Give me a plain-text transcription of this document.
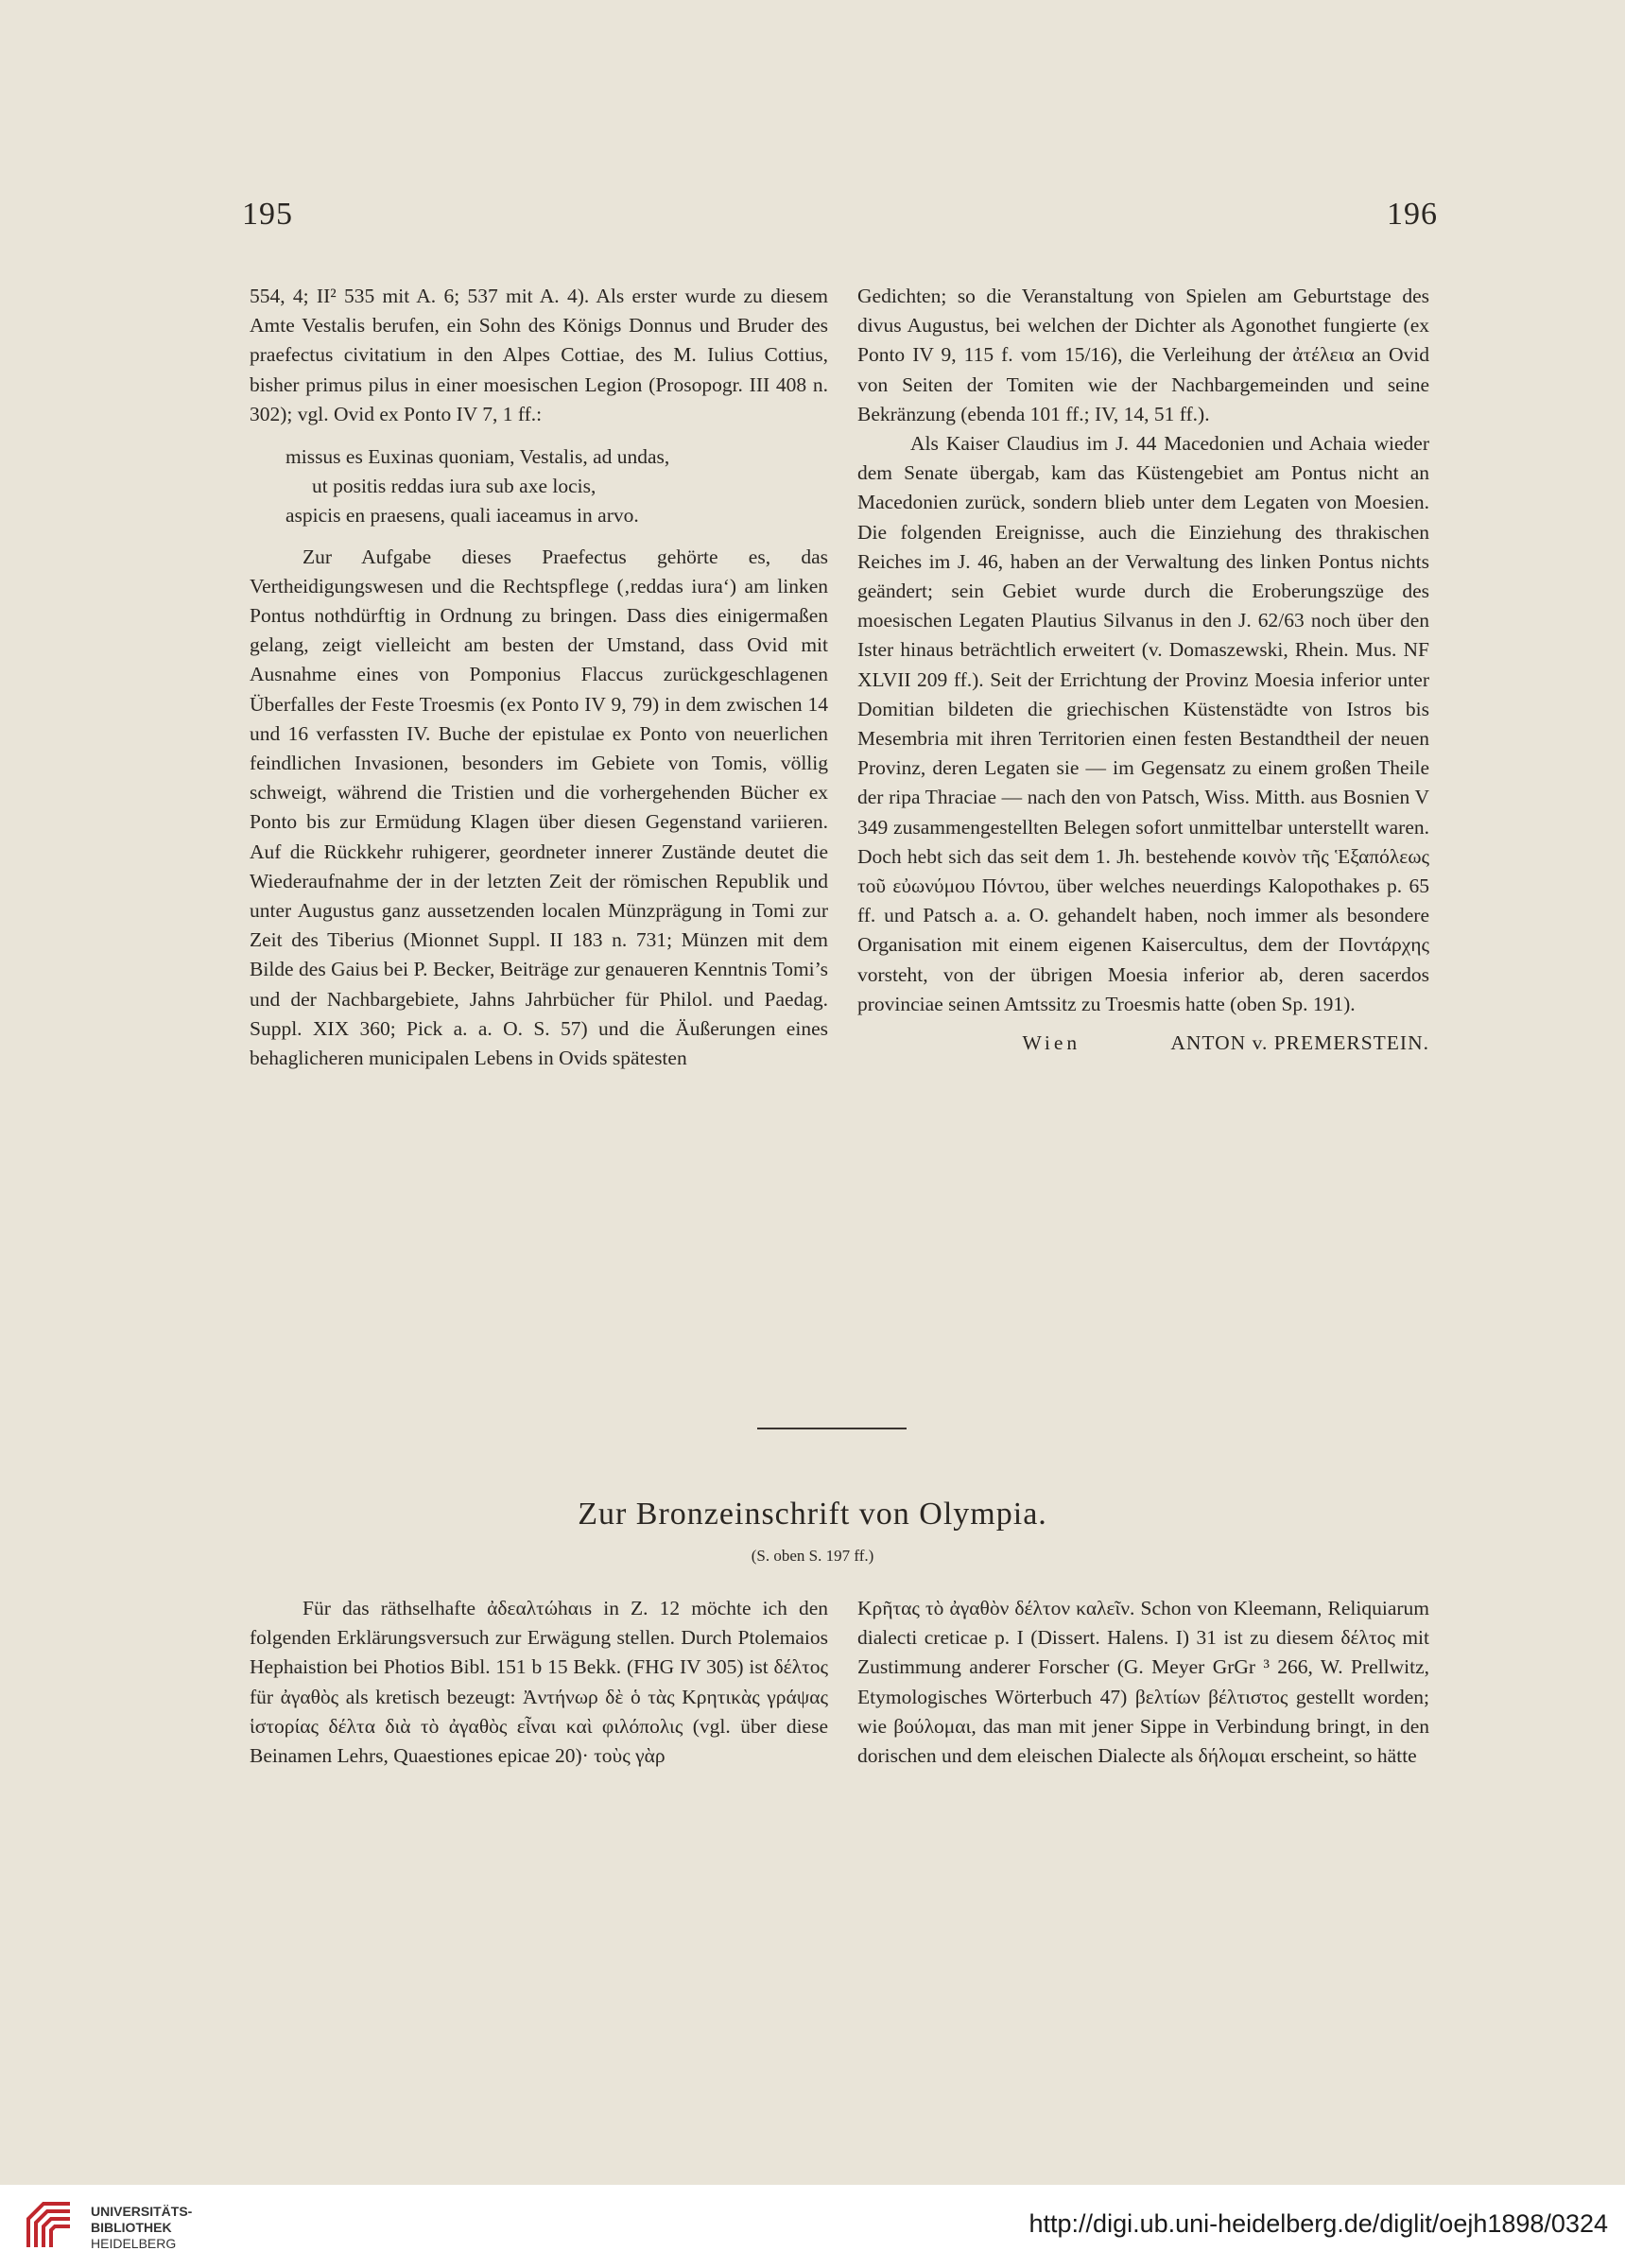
195	196

554, 4; II² 535 mit A. 6; 537 mit A. 4). Als erster wurde zu diesem Amte Vestalis berufen, ein Sohn des Königs Donnus und Bruder des praefectus civitatium in den Alpes Cottiae, des M. Iulius Cottius, bisher primus pilus in einer moesischen Legion (Prosopogr. III 408 n. 302); vgl. Ovid ex Ponto IV 7, 1 ff.:

missus es Euxinas quoniam, Vestalis, ad undas,
ut positis reddas iura sub axe locis,
aspicis en praesens, quali iaceamus in arvo.

Zur Aufgabe dieses Praefectus gehörte es, das Vertheidigungswesen und die Rechtspflege (‚reddas iura‘) am linken Pontus nothdürftig in Ordnung zu bringen. Dass dies einigermaßen gelang, zeigt vielleicht am besten der Umstand, dass Ovid mit Ausnahme eines von Pomponius Flaccus zurückgeschlagenen Überfalles der Feste Troesmis (ex Ponto IV 9, 79) in dem zwischen 14 und 16 verfassten IV. Buche der epistulae ex Ponto von neuerlichen feindlichen Invasionen, besonders im Gebiete von Tomis, völlig schweigt, während die Tristien und die vorhergehenden Bücher ex Ponto bis zur Ermüdung Klagen über diesen Gegenstand variieren. Auf die Rückkehr ruhigerer, geordneter innerer Zustände deutet die Wiederaufnahme der in der letzten Zeit der römischen Republik und unter Augustus ganz aussetzenden localen Münzprägung in Tomi zur Zeit des Tiberius (Mionnet Suppl. II 183 n. 731; Münzen mit dem Bilde des Gaius bei P. Becker, Beiträge zur genaueren Kenntnis Tomi’s und der Nachbargebiete, Jahns Jahrbücher für Philol. und Paedag. Suppl. XIX 360; Pick a. a. O. S. 57) und die Äußerungen eines behaglicheren municipalen Lebens in Ovids spätesten

Gedichten; so die Veranstaltung von Spielen am Geburtstage des divus Augustus, bei welchen der Dichter als Agonothet fungierte (ex Ponto IV 9, 115 f. vom 15/16), die Verleihung der ἀτέλεια an Ovid von Seiten der Tomiten wie der Nachbargemeinden und seine Bekränzung (ebenda 101 ff.; IV, 14, 51 ff.).

Als Kaiser Claudius im J. 44 Macedonien und Achaia wieder dem Senate übergab, kam das Küstengebiet am Pontus nicht an Macedonien zurück, sondern blieb unter dem Legaten von Moesien. Die folgenden Ereignisse, auch die Einziehung des thrakischen Reiches im J. 46, haben an der Verwaltung des linken Pontus nichts geändert; sein Gebiet wurde durch die Eroberungszüge des moesischen Legaten Plautius Silvanus in den J. 62/63 noch über den Ister hinaus beträchtlich erweitert (v. Domaszewski, Rhein. Mus. NF XLVII 209 ff.). Seit der Errichtung der Provinz Moesia inferior unter Domitian bildeten die griechischen Küstenstädte von Istros bis Mesembria mit ihren Territorien einen festen Bestandtheil der neuen Provinz, deren Legaten sie — im Gegensatz zu einem großen Theile der ripa Thraciae — nach den von Patsch, Wiss. Mitth. aus Bosnien V 349 zusammengestellten Belegen sofort unmittelbar unterstellt waren. Doch hebt sich das seit dem 1. Jh. bestehende κοινὸν τῆς Ἑξαπόλεως τοῦ εὐωνύμου Πόντου, über welches neuerdings Kalopothakes p. 65 ff. und Patsch a. a. O. gehandelt haben, noch immer als besondere Organisation mit einem eigenen Kaisercultus, dem der Ποντάρχης vorsteht, von der übrigen Moesia inferior ab, deren sacerdos provinciae seinen Amtssitz zu Troesmis hatte (oben Sp. 191).

Wien	ANTON v. PREMERSTEIN.

Zur Bronzeinschrift von Olympia.
(S. oben S. 197 ff.)

Für das räthselhafte ἀδεαλτώhαιs in Z. 12 möchte ich den folgenden Erklärungsversuch zur Erwägung stellen. Durch Ptolemaios Hephaistion bei Photios Bibl. 151 b 15 Bekk. (FHG IV 305) ist δέλτος für ἀγαθὸς als kretisch bezeugt: Ἀντήνωρ δὲ ὁ τὰς Κρητικὰς γράψας ἱστορίας δέλτα διὰ τὸ ἀγαθὸς εἶναι καὶ φιλόπολις (vgl. über diese Beinamen Lehrs, Quaestiones epicae 20)· τοὺς γὰρ

Κρῆτας τὸ ἀγαθὸν δέλτον καλεῖν. Schon von Kleemann, Reliquiarum dialecti creticae p. I (Dissert. Halens. I) 31 ist zu diesem δέλτος mit Zustimmung anderer Forscher (G. Meyer GrGr ³ 266, W. Prellwitz, Etymologisches Wörterbuch 47) βελτίων βέλτιστος gestellt worden; wie βούλομαι, das man mit jener Sippe in Verbindung bringt, in den dorischen und dem eleischen Dialecte als δήλομαι erscheint, so hätte

UNIVERSITÄTS-
BIBLIOTHEK
HEIDELBERG
http://digi.ub.uni-heidelberg.de/diglit/oejh1898/0324
